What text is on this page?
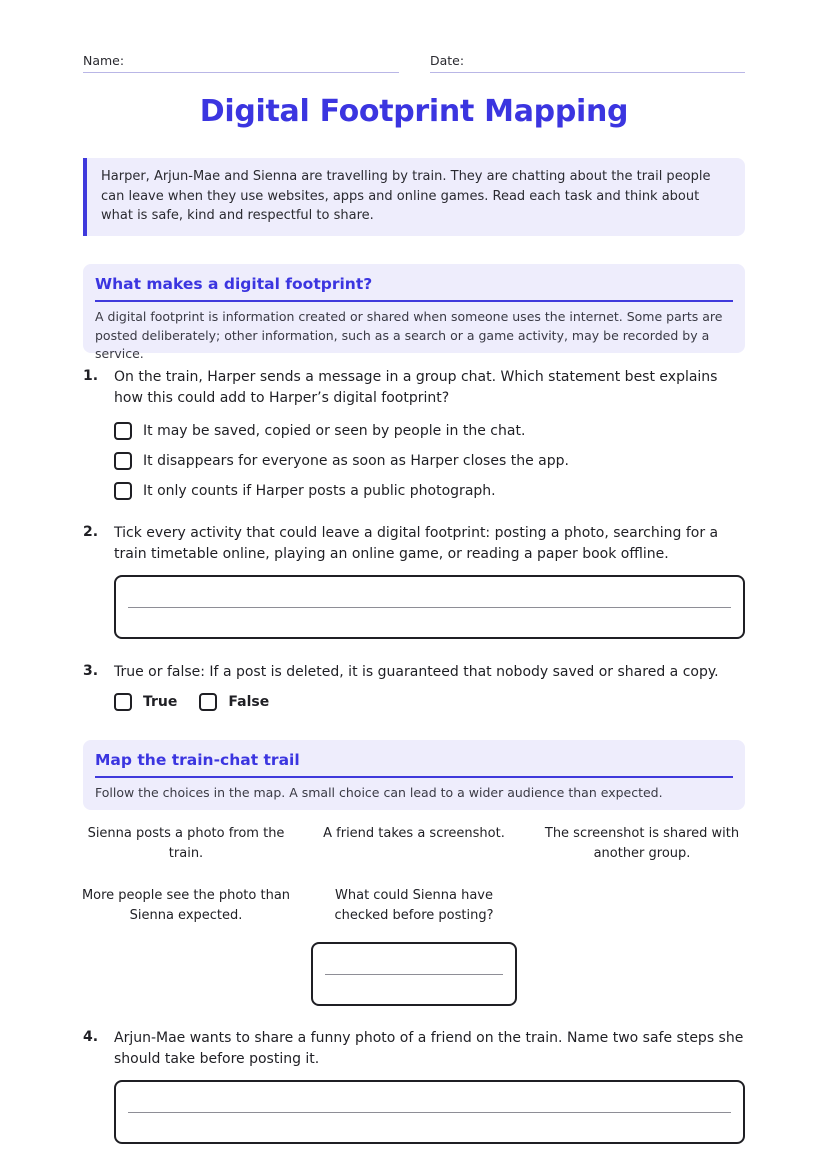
Name:	Date:
Digital Footprint Mapping
Harper, Arjun-Mae and Sienna are travelling by train. They are chatting about the trail people can leave when they use websites, apps and online games. Read each task and think about what is safe, kind and respectful to share.
What makes a digital footprint?
A digital footprint is information created or shared when someone uses the internet. Some parts are posted deliberately; other information, such as a search or a game activity, may be recorded by a service.
1. On the train, Harper sends a message in a group chat. Which statement best explains how this could add to Harper’s digital footprint?
It may be saved, copied or seen by people in the chat.
It disappears for everyone as soon as Harper closes the app.
It only counts if Harper posts a public photograph.
2. Tick every activity that could leave a digital footprint: posting a photo, searching for a train timetable online, playing an online game, or reading a paper book offline.
3. True or false: If a post is deleted, it is guaranteed that nobody saved or shared a copy.
True	False
Map the train-chat trail
Follow the choices in the map. A small choice can lead to a wider audience than expected.
Sienna posts a photo from the train.
A friend takes a screenshot.	The screenshot is shared with another group.
More people see the photo than Sienna expected.
What could Sienna have checked before posting?
4. Arjun-Mae wants to share a funny photo of a friend on the train. Name two safe steps she should take before posting it.
